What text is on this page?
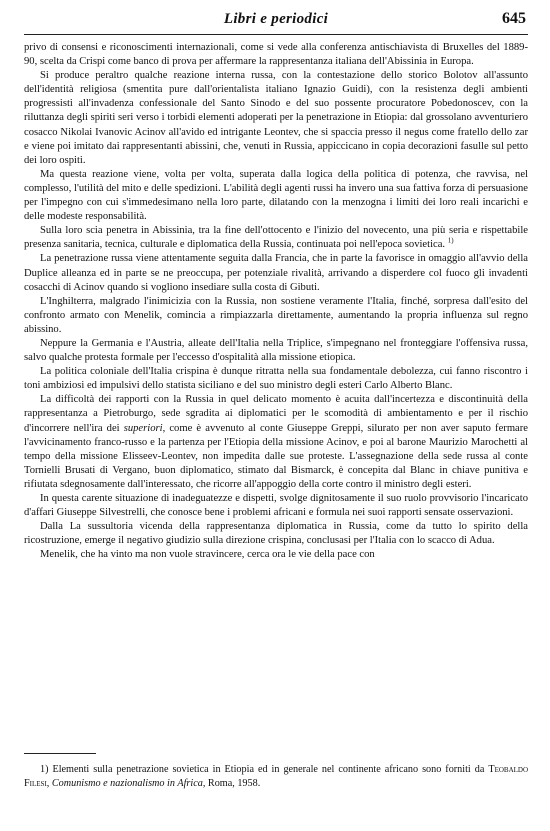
Libri e periodici	645

privo di consensi e riconoscimenti internazionali, come si vede alla conferenza antischiavista di Bruxelles del 1889-90, scelta da Crispi come banco di prova per affermare la rappresentanza italiana dell'Abissinia in Europa.

Si produce peraltro qualche reazione interna russa, con la contestazione dello storico Bolotov all'assunto dell'identità religiosa (smentita pure dall'orientalista italiano Ignazio Guidi), con la resistenza degli ambienti progressisti all'invadenza confessionale del Santo Sinodo e del suo possente procuratore Pobedonoscev, con la riluttanza degli spiriti seri verso i torbidi elementi adoperati per la penetrazione in Etiopia: dal grossolano avventuriero cosacco Nikolai Ivanovic Acinov all'avido ed intrigante Leontev, che si spaccia presso il negus come fratello dello zar e viene poi imitato dai rappresentanti abissini, che, venuti in Russia, appiccicano in copia decorazioni fasulle sul petto dei loro ospiti.

Ma questa reazione viene, volta per volta, superata dalla logica della politica di potenza, che ravvisa, nel complesso, l'utilità del mito e delle spedizioni. L'abilità degli agenti russi ha invero una sua fattiva forza di persuasione per l'impegno con cui s'immedesimano nella loro parte, dilatando con la menzogna i limiti dei loro reali incarichi e delle modeste responsabilità.

Sulla loro scia penetra in Abissinia, tra la fine dell'ottocento e l'inizio del novecento, una più seria e rispettabile presenza sanitaria, tecnica, culturale e diplomatica della Russia, continuata poi nell'epoca sovietica. $^{1)}$

La penetrazione russa viene attentamente seguita dalla Francia, che in parte la favorisce in omaggio all'avvio della Duplice alleanza ed in parte se ne preoccupa, per potenziale rivalità, arrivando a disperdere col fuoco gli invadenti cosacchi di Acinov quando si vogliono insediare sulla costa di Gibuti.

L'Inghilterra, malgrado l'inimicizia con la Russia, non sostiene veramente l'Italia, finché, sorpresa dall'esito del confronto armato con Menelik, comincia a rimpiazzarla direttamente, aumentando la propria influenza sul regno abissino.

Neppure la Germania e l'Austria, alleate dell'Italia nella Triplice, s'impegnano nel fronteggiare l'offensiva russa, salvo qualche protesta formale per l'eccesso d'ospitalità alla missione etiopica.

La politica coloniale dell'Italia crispina è dunque ritratta nella sua fondamentale debolezza, cui fanno riscontro i toni ambiziosi ed impulsivi dello statista siciliano e del suo ministro degli esteri Carlo Alberto Blanc.

La difficoltà dei rapporti con la Russia in quel delicato momento è acuita dall'incertezza e discontinuità della rappresentanza a Pietroburgo, sede sgradita ai diplomatici per le scomodità di ambientamento e per il rischio d'incorrere nell'ira dei superiori, come è avvenuto al conte Giuseppe Greppi, silurato per non aver saputo fermare l'avvicinamento franco-russo e la partenza per l'Etiopia della missione Acinov, e poi al barone Maurizio Marochetti al tempo della missione Elisseev-Leontev, non impedita dalle sue proteste. L'assegnazione della sede russa al conte Tornielli Brusati di Vergano, buon diplomatico, stimato dal Bismarck, è concepita dal Blanc in chiave punitiva e rifiutata sdegnosamente dall'interessato, che ricorre all'appoggio della corte contro il ministro degli esteri.

In questa carente situazione di inadeguatezze e dispetti, svolge dignitosamente il suo ruolo provvisorio l'incaricato d'affari Giuseppe Silvestrelli, che conosce bene i problemi africani e formula nei suoi rapporti sensate osservazioni.

Dalla La sussultoria vicenda della rappresentanza diplomatica in Russia, come da tutto lo spirito della ricostruzione, emerge il negativo giudizio sulla direzione crispina, conclusasi per l'Italia con lo scacco di Adua.

Menelik, che ha vinto ma non vuole stravincere, cerca ora le vie della pace con

1) Elementi sulla penetrazione sovietica in Etiopia ed in generale nel continente africano sono forniti da Teobaldo Filesi, Comunismo e nazionalismo in Africa, Roma, 1958.
